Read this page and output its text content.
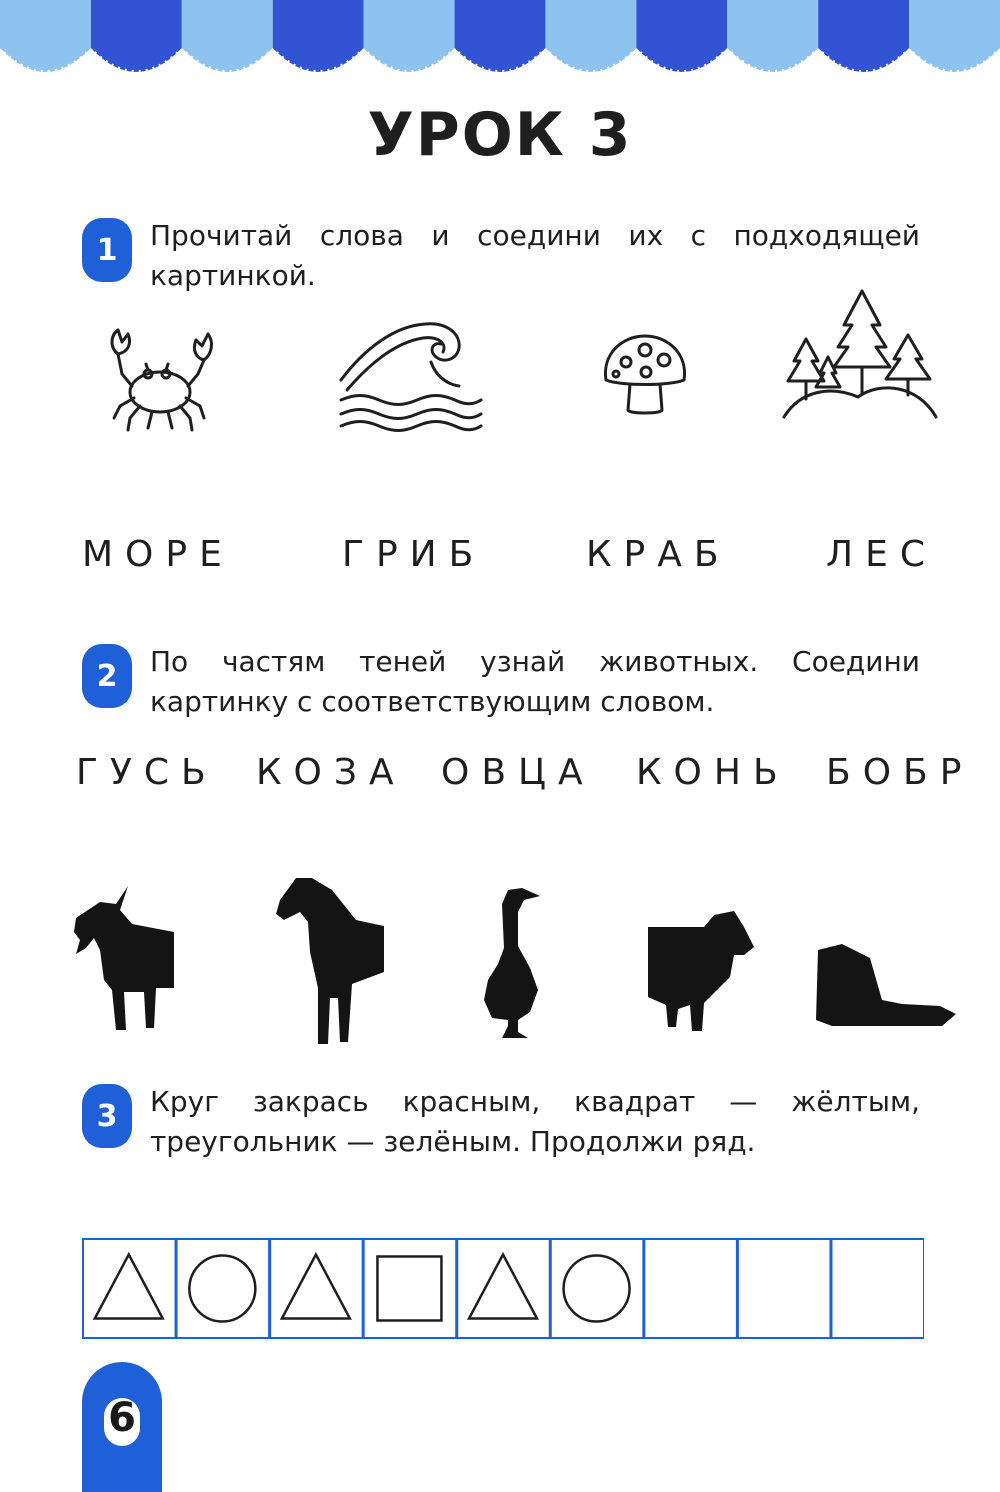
УРОК 3
1	Прочитай слова и соедини их с подходящей картинкой.

МОРЕ	ГРИБ	КРАБ	ЛЕС
2	По частям теней узнай животных. Соедини картинку с соответствующим словом.

ГУСЬ КОЗА ОВЦА КОНЬ БОБР
3	Круг закрась красным, квадрат — жёлтым, треугольник — зелёным. Продолжи ряд.

6
